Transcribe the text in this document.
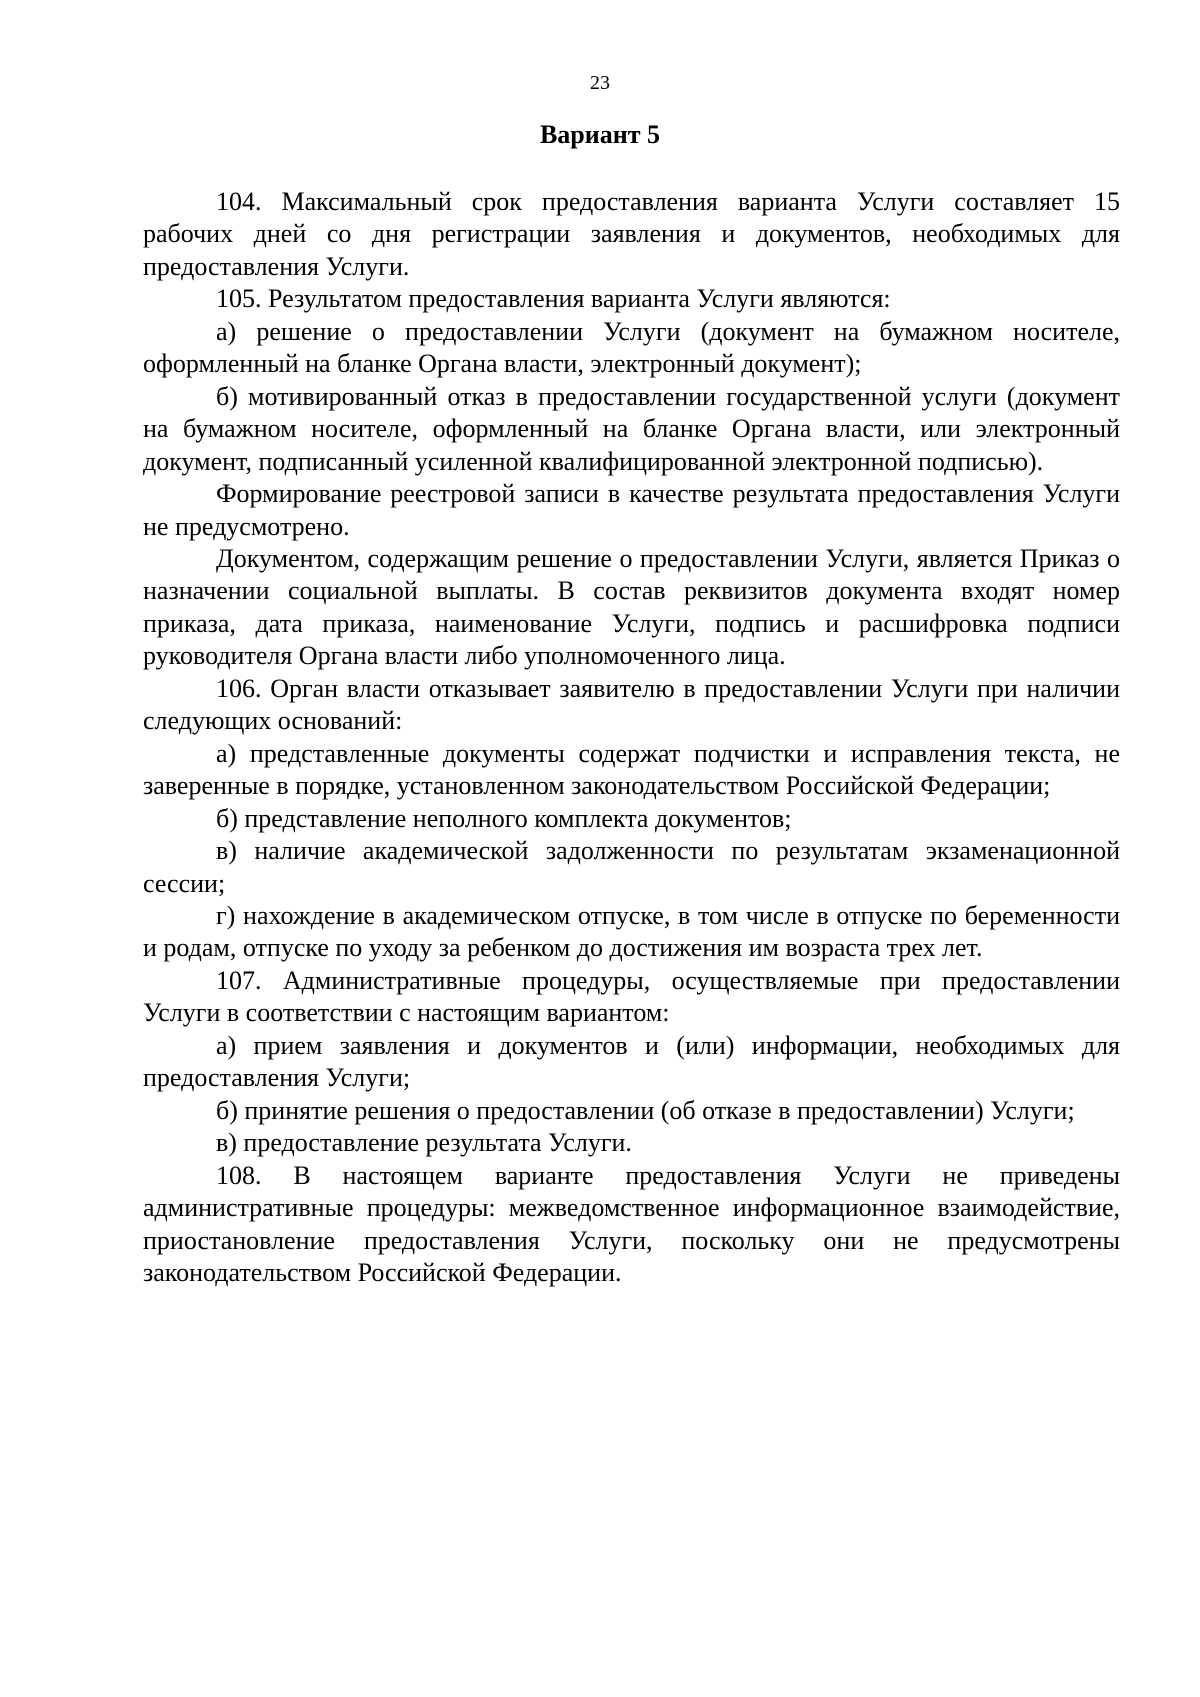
23
Вариант 5

104. Максимальный срок предоставления варианта Услуги составляет 15 рабочих дней со дня регистрации заявления и документов, необходимых для предоставления Услуги.

105. Результатом предоставления варианта Услуги являются:

а) решение о предоставлении Услуги (документ на бумажном носителе, оформленный на бланке Органа власти, электронный документ);

б) мотивированный отказ в предоставлении государственной услуги (документ на бумажном носителе, оформленный на бланке Органа власти, или электронный документ, подписанный усиленной квалифицированной электронной подписью).

Формирование реестровой записи в качестве результата предоставления Услуги не предусмотрено.

Документом, содержащим решение о предоставлении Услуги, является Приказ о назначении социальной выплаты. В состав реквизитов документа входят номер приказа, дата приказа, наименование Услуги, подпись и расшифровка подписи руководителя Органа власти либо уполномоченного лица.

106. Орган власти отказывает заявителю в предоставлении Услуги при наличии следующих оснований:

а) представленные документы содержат подчистки и исправления текста, не заверенные в порядке, установленном законодательством Российской Федерации;

б) представление неполного комплекта документов;

в) наличие академической задолженности по результатам экзаменационной сессии;

г) нахождение в академическом отпуске, в том числе в отпуске по беременности и родам, отпуске по уходу за ребенком до достижения им возраста трех лет.

107. Административные процедуры, осуществляемые при предоставлении Услуги в соответствии с настоящим вариантом:

а) прием заявления и документов и (или) информации, необходимых для предоставления Услуги;

б) принятие решения о предоставлении (об отказе в предоставлении) Услуги;

в) предоставление результата Услуги.

108. В настоящем варианте предоставления Услуги не приведены административные процедуры: межведомственное информационное взаимодействие, приостановление предоставления Услуги, поскольку они не предусмотрены законодательством Российской Федерации.
